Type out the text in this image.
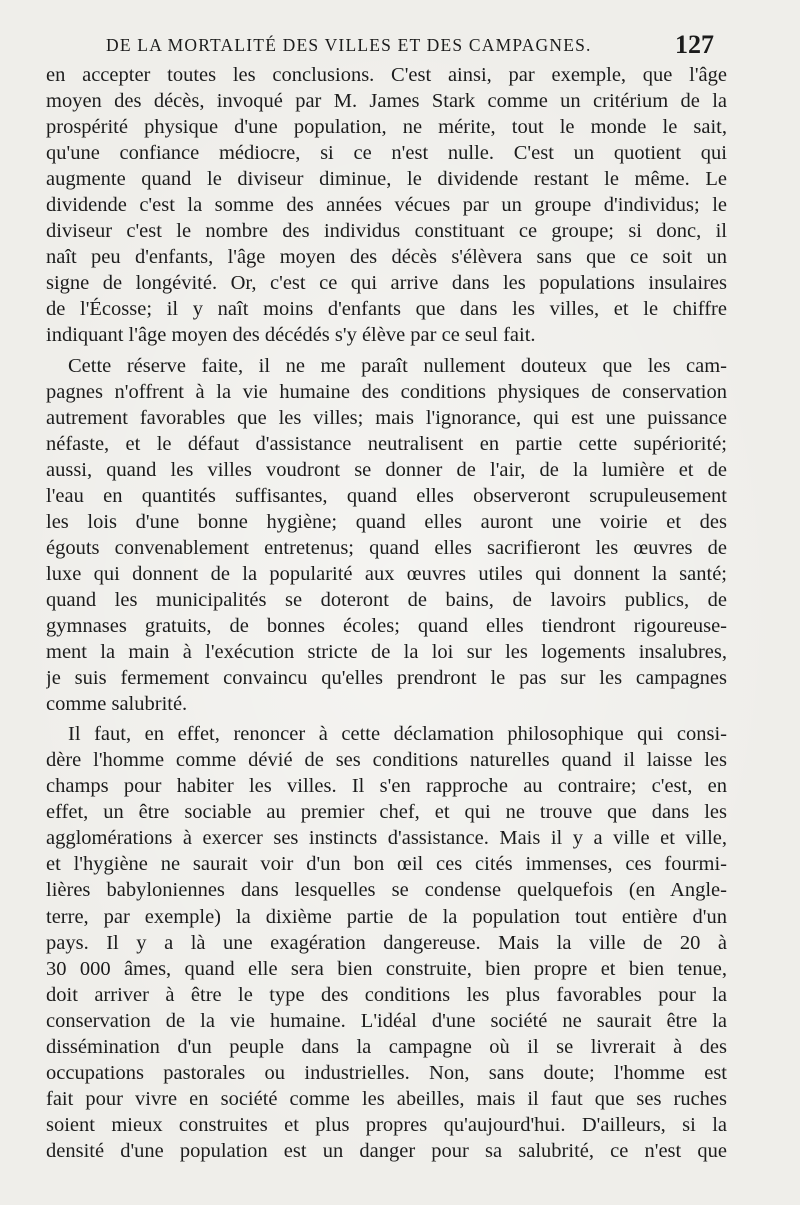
DE LA MORTALITÉ DES VILLES ET DES CAMPAGNES.	127
en accepter toutes les conclusions. C'est ainsi, par exemple, que l'âge
moyen des décès, invoqué par M. James Stark comme un critérium de la
prospérité physique d'une population, ne mérite, tout le monde le sait,
qu'une confiance médiocre, si ce n'est nulle. C'est un quotient qui
augmente quand le diviseur diminue, le dividende restant le même. Le
dividende c'est la somme des années vécues par un groupe d'individus; le
diviseur c'est le nombre des individus constituant ce groupe; si donc, il
naît peu d'enfants, l'âge moyen des décès s'élèvera sans que ce soit un
signe de longévité. Or, c'est ce qui arrive dans les populations insulaires
de l'Écosse; il y naît moins d'enfants que dans les villes, et le chiffre
indiquant l'âge moyen des décédés s'y élève par ce seul fait.
Cette réserve faite, il ne me paraît nullement douteux que les cam-
pagnes n'offrent à la vie humaine des conditions physiques de conservation
autrement favorables que les villes; mais l'ignorance, qui est une puissance
néfaste, et le défaut d'assistance neutralisent en partie cette supériorité;
aussi, quand les villes voudront se donner de l'air, de la lumière et de
l'eau en quantités suffisantes, quand elles observeront scrupuleusement
les lois d'une bonne hygiène; quand elles auront une voirie et des
égouts convenablement entretenus; quand elles sacrifieront les œuvres de
luxe qui donnent de la popularité aux œuvres utiles qui donnent la santé;
quand les municipalités se doteront de bains, de lavoirs publics, de
gymnases gratuits, de bonnes écoles; quand elles tiendront rigoureuse-
ment la main à l'exécution stricte de la loi sur les logements insalubres,
je suis fermement convaincu qu'elles prendront le pas sur les campagnes
comme salubrité.
Il faut, en effet, renoncer à cette déclamation philosophique qui consi-
dère l'homme comme dévié de ses conditions naturelles quand il laisse les
champs pour habiter les villes. Il s'en rapproche au contraire; c'est, en
effet, un être sociable au premier chef, et qui ne trouve que dans les
agglomérations à exercer ses instincts d'assistance. Mais il y a ville et ville,
et l'hygiène ne saurait voir d'un bon œil ces cités immenses, ces fourmi-
lières babyloniennes dans lesquelles se condense quelquefois (en Angle-
terre, par exemple) la dixième partie de la population tout entière d'un
pays. Il y a là une exagération dangereuse. Mais la ville de 20 à
30 000 âmes, quand elle sera bien construite, bien propre et bien tenue,
doit arriver à être le type des conditions les plus favorables pour la
conservation de la vie humaine. L'idéal d'une société ne saurait être la
dissémination d'un peuple dans la campagne où il se livrerait à des
occupations pastorales ou industrielles. Non, sans doute; l'homme est
fait pour vivre en société comme les abeilles, mais il faut que ses ruches
soient mieux construites et plus propres qu'aujourd'hui. D'ailleurs, si la
densité d'une population est un danger pour sa salubrité, ce n'est que
